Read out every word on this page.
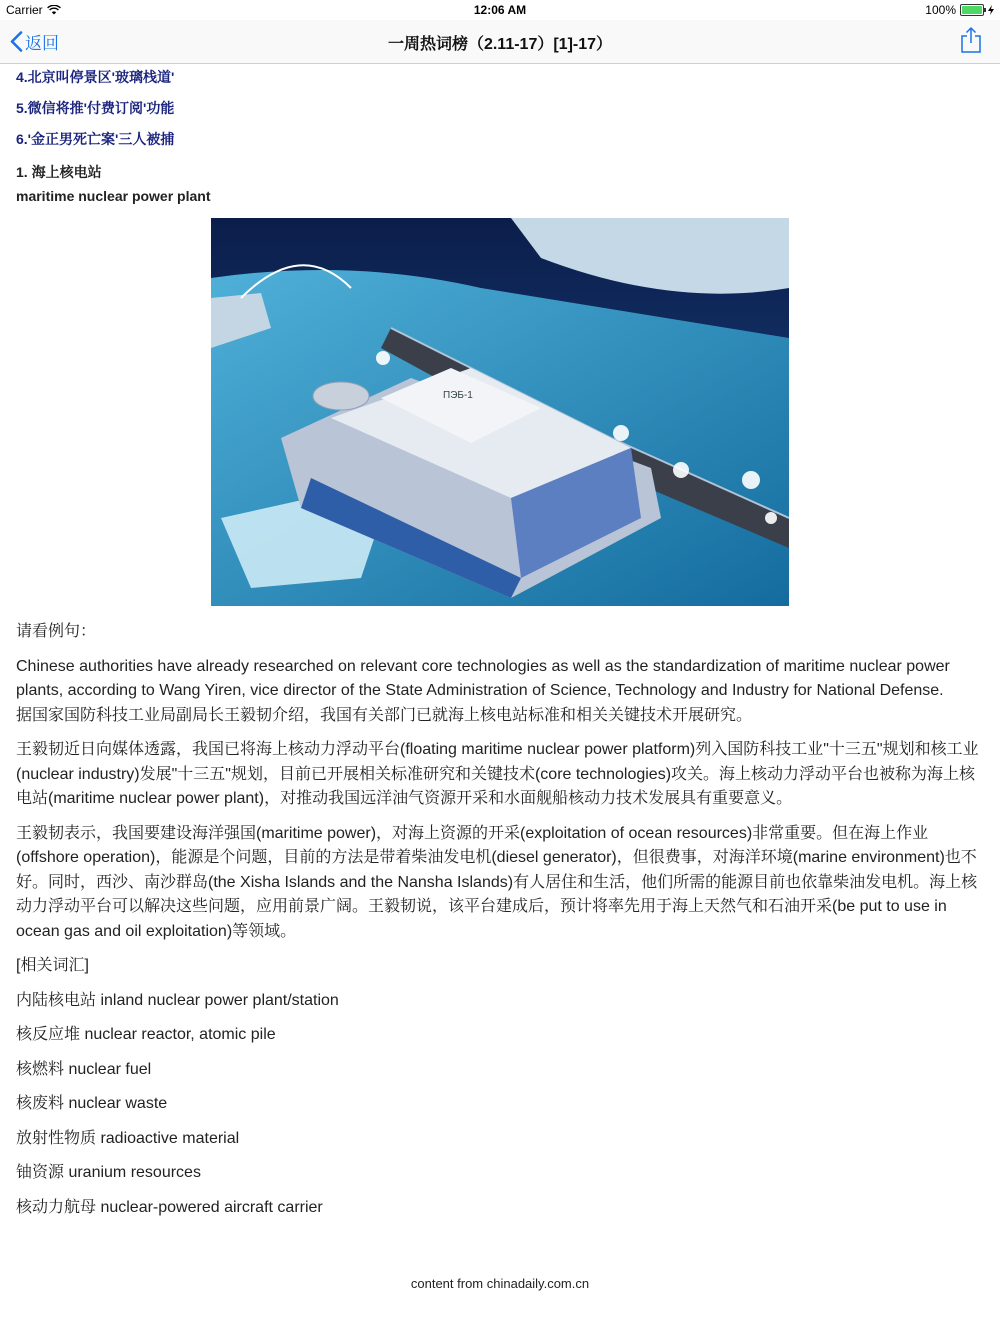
Carrier	12:06 AM	100%
返回	一周热词榜（2.11-17）[1]-17）
4.北京叫停景区'玻璃栈道'
5.微信将推'付费订阅'功能
6.'金正男死亡案'三人被捕
1. 海上核电站
maritime nuclear power plant
ПЭБ-1

请看例句：

Chinese authorities have already researched on relevant core technologies as well as the standardization of maritime nuclear power plants, according to Wang Yiren, vice director of the State Administration of Science, Technology and Industry for National Defense.
据国家国防科技工业局副局长王毅韧介绍，我国有关部门已就海上核电站标准和相关关键技术开展研究。

王毅韧近日向媒体透露，我国已将海上核动力浮动平台(floating maritime nuclear power platform)列入国防科技工业"十三五"规划和核工业(nuclear industry)发展"十三五"规划，目前已开展相关标准研究和关键技术(core technologies)攻关。海上核动力浮动平台也被称为海上核电站(maritime nuclear power plant)，对推动我国远洋油气资源开采和水面舰船核动力技术发展具有重要意义。

王毅韧表示，我国要建设海洋强国(maritime power)，对海上资源的开采(exploitation of ocean resources)非常重要。但在海上作业(offshore operation)，能源是个问题，目前的方法是带着柴油发电机(diesel generator)，但很费事，对海洋环境(marine environment)也不好。同时，西沙、南沙群岛(the Xisha Islands and the Nansha Islands)有人居住和生活，他们所需的能源目前也依靠柴油发电机。海上核动力浮动平台可以解决这些问题，应用前景广阔。王毅韧说，该平台建成后，预计将率先用于海上天然气和石油开采(be put to use in ocean gas and oil exploitation)等领域。

[相关词汇]

内陆核电站 inland nuclear power plant/station

核反应堆 nuclear reactor, atomic pile

核燃料 nuclear fuel

核废料 nuclear waste

放射性物质 radioactive material

铀资源 uranium resources

核动力航母 nuclear-powered aircraft carrier

content from chinadaily.com.cn
